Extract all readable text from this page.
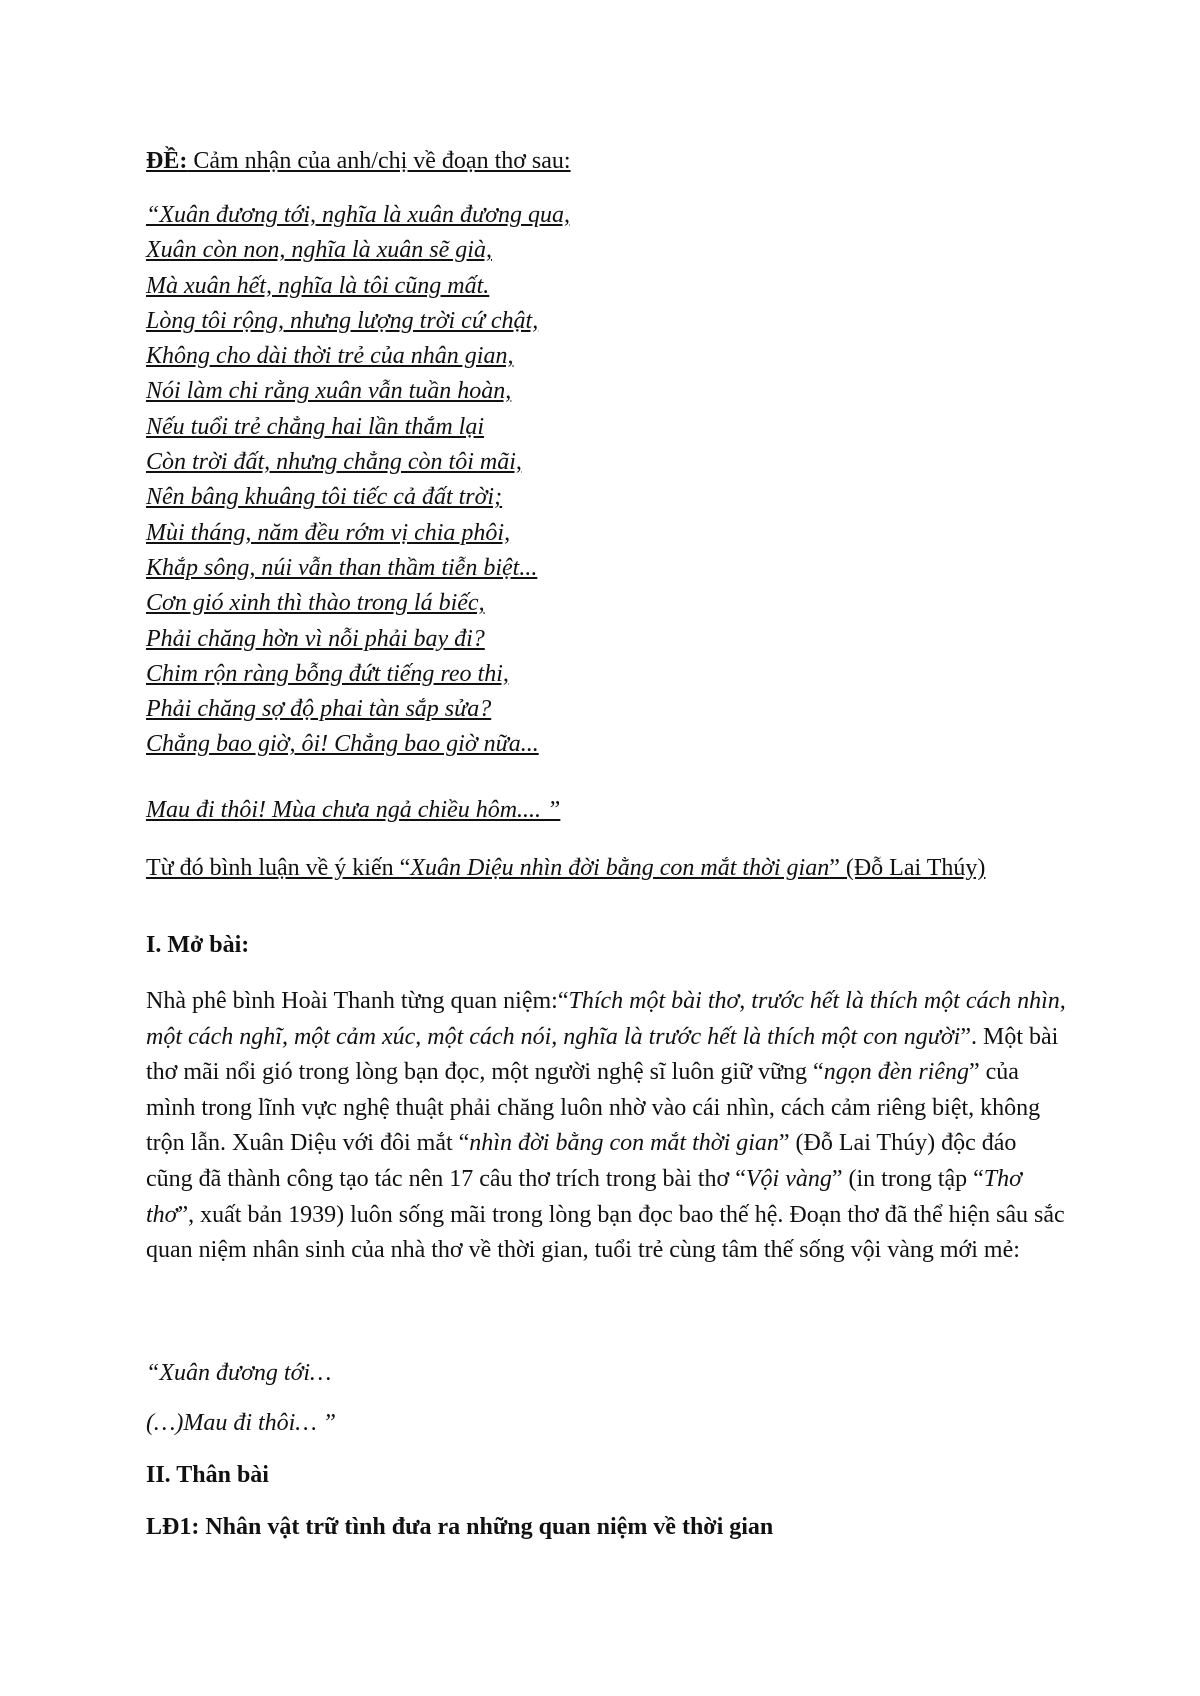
ĐỀ: Cảm nhận của anh/chị về đoạn thơ sau:
“Xuân đương tới, nghĩa là xuân đương qua,
Xuân còn non, nghĩa là xuân sẽ già,
Mà xuân hết, nghĩa là tôi cũng mất.
Lòng tôi rộng, nhưng lượng trời cứ chật,
Không cho dài thời trẻ của nhân gian,
Nói làm chi rằng xuân vẫn tuần hoàn,
Nếu tuổi trẻ chẳng hai lần thắm lại
Còn trời đất, nhưng chẳng còn tôi mãi,
Nên bâng khuâng tôi tiếc cả đất trời;
Mùi tháng, năm đều rớm vị chia phôi,
Khắp sông, núi vẫn than thầm tiễn biệt...
Cơn gió xinh thì thào trong lá biếc,
Phải chăng hờn vì nỗi phải bay đi?
Chim rộn ràng bỗng đứt tiếng reo thi,
Phải chăng sợ độ phai tàn sắp sửa?
Chẳng bao giờ, ôi! Chẳng bao giờ nữa...
Mau đi thôi! Mùa chưa ngả chiều hôm.... ”
Từ đó bình luận về ý kiến “Xuân Diệu nhìn đời bằng con mắt thời gian” (Đỗ Lai Thúy)
I. Mở bài:
Nhà phê bình Hoài Thanh từng quan niệm:“Thích một bài thơ, trước hết là thích một cách nhìn, một cách nghĩ, một cảm xúc, một cách nói, nghĩa là trước hết là thích một con người”. Một bài thơ mãi nổi gió trong lòng bạn đọc, một người nghệ sĩ luôn giữ vững “ngọn đèn riêng” của mình trong lĩnh vực nghệ thuật phải chăng luôn nhờ vào cái nhìn, cách cảm riêng biệt, không trộn lẫn. Xuân Diệu với đôi mắt “nhìn đời bằng con mắt thời gian” (Đỗ Lai Thúy) độc đáo cũng đã thành công tạo tác nên 17 câu thơ trích trong bài thơ “Vội vàng” (in trong tập “Thơ thơ”, xuất bản 1939) luôn sống mãi trong lòng bạn đọc bao thế hệ. Đoạn thơ đã thể hiện sâu sắc quan niệm nhân sinh của nhà thơ về thời gian, tuổi trẻ cùng tâm thế sống vội vàng mới mẻ:
“Xuân đương tới…
(…)Mau đi thôi… ”
II. Thân bài
LĐ1: Nhân vật trữ tình đưa ra những quan niệm về thời gian
